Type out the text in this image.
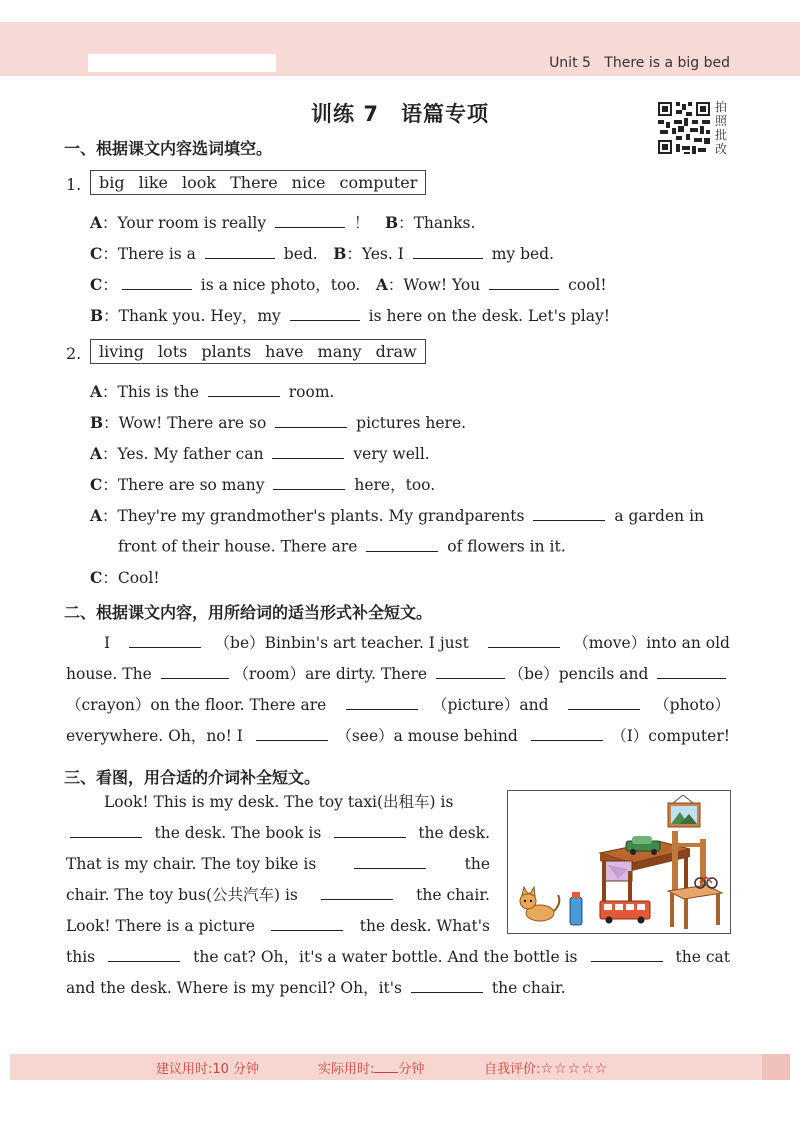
Unit 5 There is a big bed
训练 7　语篇专项	拍
照
批
改
一、根据课文内容选词填空。
1. big like look There nice computer
A：Your room is really	！　B：Thanks.
C：There is a	bed.　B：Yes. I	my bed.
C：	is a nice photo，too.　A：Wow! You	cool!
B：Thank you. Hey，my	is here on the desk. Let's play!
2. living lots plants have many draw
A：This is the	room.
B：Wow! There are so	pictures here.
A：Yes. My father can	very well.
C：There are so many	here，too.
A：They're my grandmother's plants. My grandparents	a garden in
front of their house. There are	of flowers in it.
C：Cool!
二、根据课文内容，用所给词的适当形式补全短文。
I	（be）Binbin's art teacher. I just	（move）into an old
house. The	（room）are dirty. There	（be）pencils and
（crayon）on the floor. There are	（picture）and	（photo）
everywhere. Oh，no! I	（see）a mouse behind	（I）computer!
三、看图，用合适的介词补全短文。
Look! This is my desk. The toy taxi(出租车) is
the desk. The book is	the desk.
That is my chair. The toy bike is	the
chair. The toy bus(公共汽车) is	the chair.
Look! There is a picture	the desk. What's
this	the cat? Oh，it's a water bottle. And the bottle is	the cat
and the desk. Where is my pencil? Oh，it's	the chair.
建议用时:10 分钟	实际用时: 分钟	自我评价:☆☆☆☆☆
